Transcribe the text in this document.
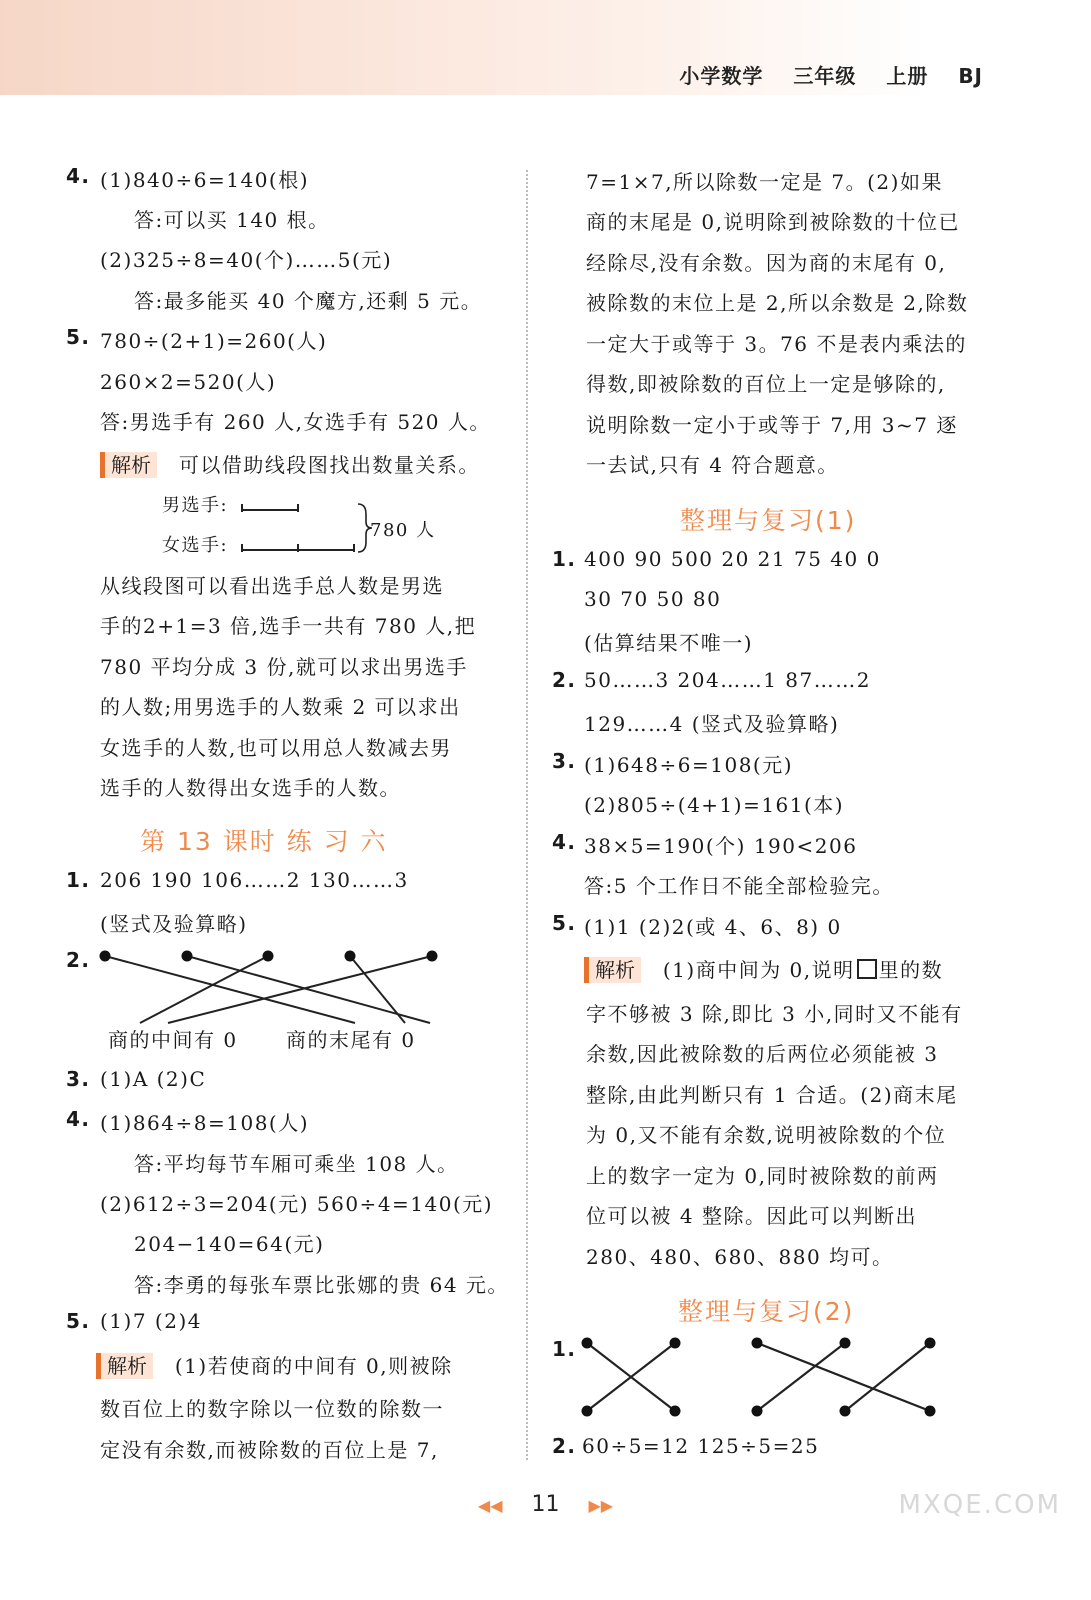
小学数学 三年级 上册 BJ
4. (1)840÷6=140(根)
答:可以买 140 根。
(2)325÷8=40(个)……5(元)
答:最多能买 40 个魔方,还剩 5 元。
5. 780÷(2+1)=260(人)
260×2=520(人)
答:男选手有 260 人,女选手有 520 人。
解析 可以借助线段图找出数量关系。
男选手:
女选手:
780 人
从线段图可以看出选手总人数是男选
手的2+1=3 倍,选手一共有 780 人,把
780 平均分成 3 份,就可以求出男选手
的人数;用男选手的人数乘 2 可以求出
女选手的人数,也可以用总人数减去男
选手的人数得出女选手的人数。
第 13 课时 练 习 六
1. 206 190 106……2 130……3
(竖式及验算略)
2.
商的中间有 0 商的末尾有 0
3. (1)A (2)C
4. (1)864÷8=108(人)
答:平均每节车厢可乘坐 108 人。
(2)612÷3=204(元) 560÷4=140(元)
204−140=64(元)
答:李勇的每张车票比张娜的贵 64 元。
5. (1)7 (2)4
解析 (1)若使商的中间有 0,则被除
数百位上的数字除以一位数的除数一
定没有余数,而被除数的百位上是 7,
7=1×7,所以除数一定是 7。(2)如果
商的末尾是 0,说明除到被除数的十位已
经除尽,没有余数。因为商的末尾有 0,
被除数的末位上是 2,所以余数是 2,除数
一定大于或等于 3。76 不是表内乘法的
得数,即被除数的百位上一定是够除的,
说明除数一定小于或等于 7,用 3~7 逐
一去试,只有 4 符合题意。
1. 400 90 500 20 21 75 40 0
30 70 50 80
(估算结果不唯一)
2. 50……3 204……1 87……2
129……4 (竖式及验算略)
3. (1)648÷6=108(元)
(2)805÷(4+1)=161(本)
4. 38×5=190(个) 190<206
答:5 个工作日不能全部检验完。
5. (1)1 (2)2(或 4、6、8) 0
解析 (1)商中间为 0,说明 里的数
字不够被 3 除,即比 3 小,同时又不能有
余数,因此被除数的后两位必须能被 3
整除,由此判断只有 1 合适。(2)商末尾
为 0,又不能有余数,说明被除数的个位
上的数字一定为 0,同时被除数的前两
位可以被 4 整除。因此可以判断出
280、480、680、880 均可。
1.
2. 60÷5=12 125÷5=25
整理与复习(1)
整理与复习(2)
◀◀ 11 ▶▶	MXQE.COM
